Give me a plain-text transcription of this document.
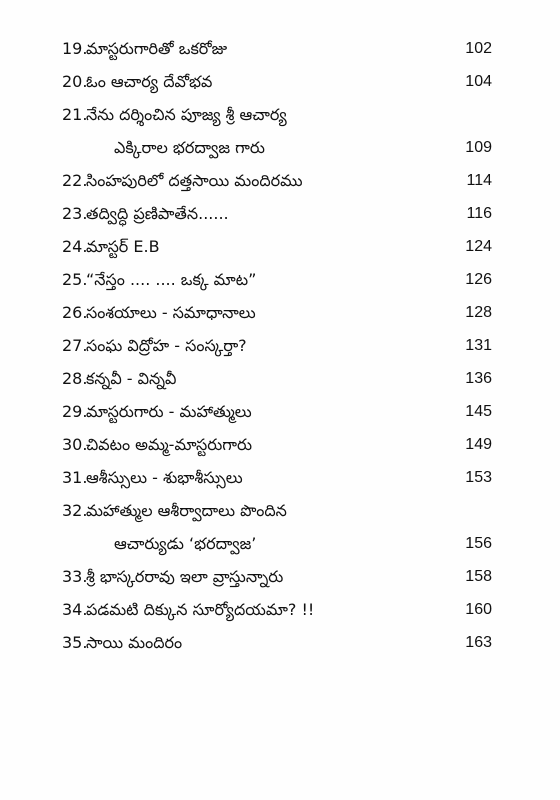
19.మాస్టరుగారితో ఒకరోజు	102
20.ఓం ఆచార్య దేవోభవ	104
21.నేను దర్శించిన పూజ్య శ్రీ ఆచార్య
ఎక్కిరాల భరద్వాజ గారు	109
22.సింహపురిలో దత్తసాయి మందిరము	114
23.తద్విద్ధి ప్రణిపాతేన......	116
24.మాస్టర్ E.B	124
25.“నేస్తం .... .... ఒక్క మాట”	126
26.సంశయాలు - సమాధానాలు	128
27.సంఘ విద్రోహ - సంస్కర్తా?	131
28.కన్నవీ - విన్నవీ	136
29.మాస్టరుగారు - మహాత్ములు	145
30.చివటం అమ్మ-మాస్టరుగారు	149
31.ఆశీస్సులు - శుభాశీస్సులు	153
32.మహాత్ముల ఆశీర్వాదాలు పొందిన
ఆచార్యుడు ‘భరద్వాజ’	156
33.శ్రీ భాస్కరరావు ఇలా వ్రాస్తున్నారు	158
34.పడమటి దిక్కున సూర్యోదయమా? !!	160
35.సాయి మందిరం	163
